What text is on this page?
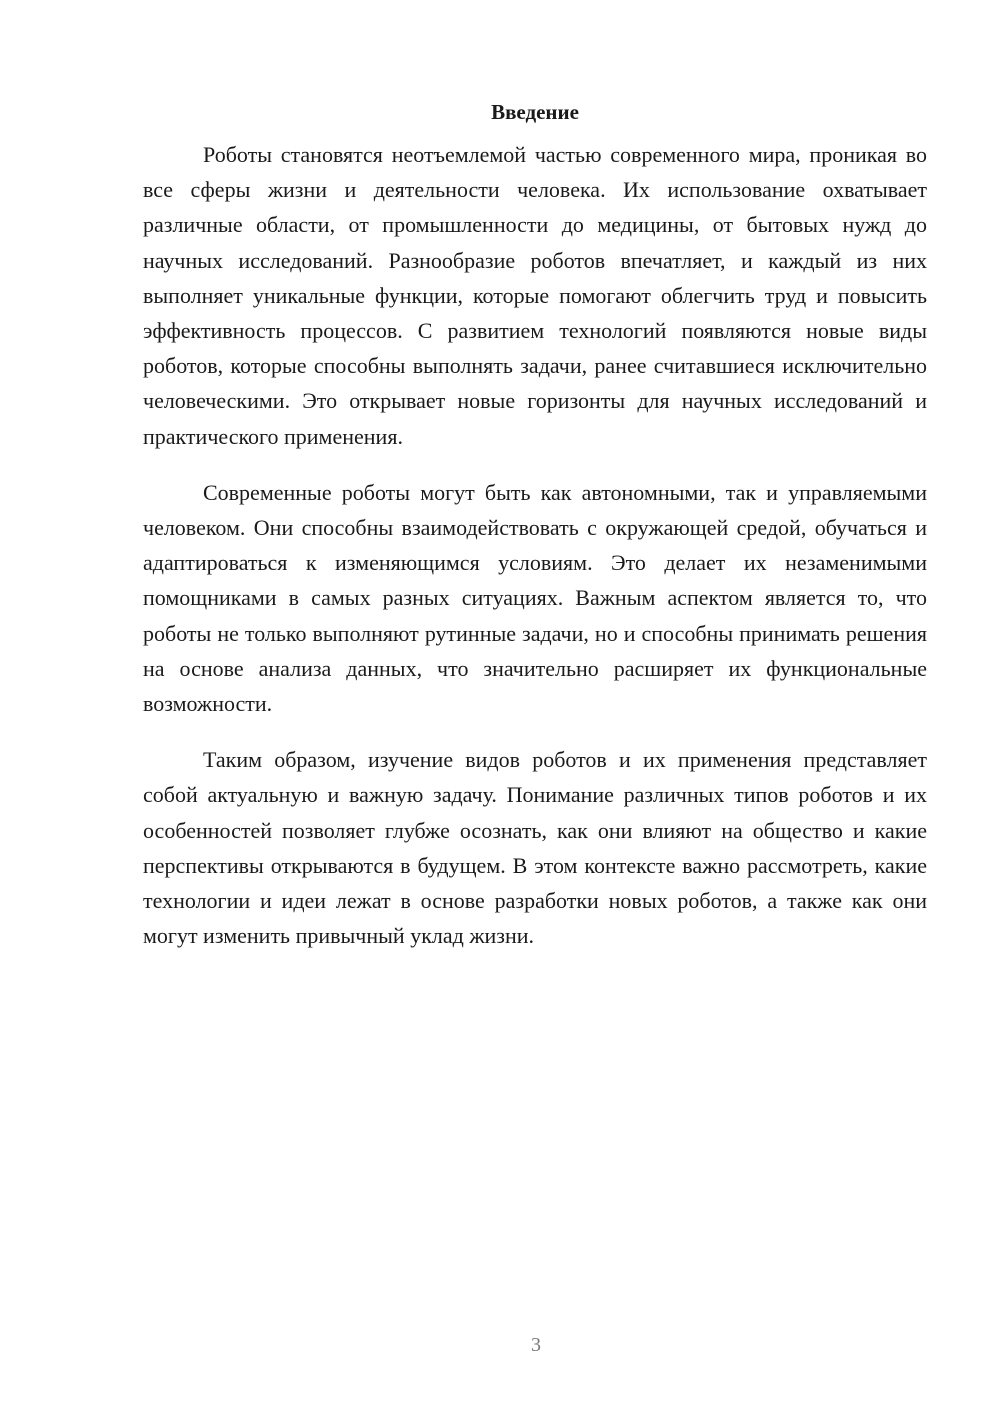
Введение

Роботы становятся неотъемлемой частью современного мира, проникая во все сферы жизни и деятельности человека. Их использование охватывает различные области, от промышленности до медицины, от бытовых нужд до научных исследований. Разнообразие роботов впечатляет, и каждый из них выполняет уникальные функции, которые помогают облегчить труд и повысить эффективность процессов. С развитием технологий появляются новые виды роботов, которые способны выполнять задачи, ранее считавшиеся исключительно человеческими. Это открывает новые горизонты для научных исследований и практического применения.

Современные роботы могут быть как автономными, так и управляемыми человеком. Они способны взаимодействовать с окружающей средой, обучаться и адаптироваться к изменяющимся условиям. Это делает их незаменимыми помощниками в самых разных ситуациях. Важным аспектом является то, что роботы не только выполняют рутинные задачи, но и способны принимать решения на основе анализа данных, что значительно расширяет их функциональные возможности.

Таким образом, изучение видов роботов и их применения представляет собой актуальную и важную задачу. Понимание различных типов роботов и их особенностей позволяет глубже осознать, как они влияют на общество и какие перспективы открываются в будущем. В этом контексте важно рассмотреть, какие технологии и идеи лежат в основе разработки новых роботов, а также как они могут изменить привычный уклад жизни.

3
